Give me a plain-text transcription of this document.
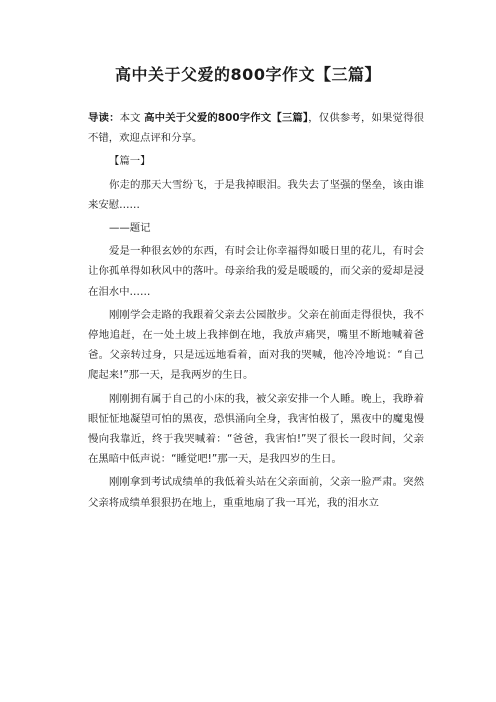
高中关于父爱的800字作文【三篇】

导读：本文 高中关于父爱的800字作文【三篇】，仅供参考，如果觉得很不错，欢迎点评和分享。

【篇一】

你走的那天大雪纷飞，于是我掉眼泪。我失去了坚强的堡垒，该由谁来安慰……

——题记

爱是一种很玄妙的东西，有时会让你幸福得如暖日里的花儿，有时会让你孤单得如秋风中的落叶。母亲给我的爱是暖暖的，而父亲的爱却是浸在泪水中……

刚刚学会走路的我跟着父亲去公园散步。父亲在前面走得很快，我不停地追赶，在一处土坡上我摔倒在地，我放声痛哭，嘴里不断地喊着爸爸。父亲转过身，只是远远地看着，面对我的哭喊，他冷冷地说：“自己爬起来!”那一天，是我两岁的生日。

刚刚拥有属于自己的小床的我，被父亲安排一个人睡。晚上，我睁着眼怔怔地凝望可怕的黑夜，恐惧涌向全身，我害怕极了，黑夜中的魔鬼慢慢向我靠近，终于我哭喊着：“爸爸，我害怕!”哭了很长一段时间，父亲在黑暗中低声说：“睡觉吧!”那一天，是我四岁的生日。

刚刚拿到考试成绩单的我低着头站在父亲面前，父亲一脸严肃。突然父亲将成绩单狠狠扔在地上，重重地扇了我一耳光，我的泪水立
